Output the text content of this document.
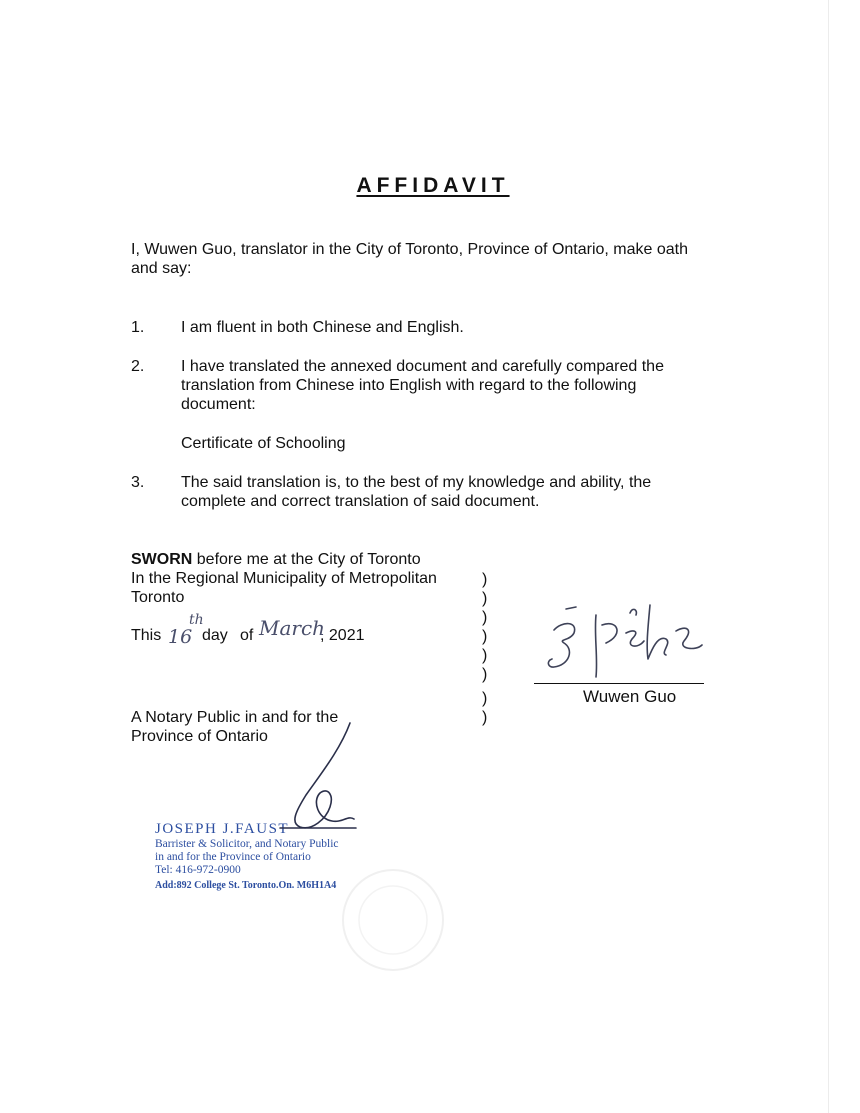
AFFIDAVIT
I, Wuwen Guo, translator in the City of Toronto, Province of Ontario, make oath
and say:
1.	I am fluent in both Chinese and English.
2.	I have translated the annexed document and carefully compared the
translation from Chinese into English with regard to the following
document:
Certificate of Schooling
3.	The said translation is, to the best of my knowledge and ability, the
complete and correct translation of said document.
SWORN before me at the City of Toronto
In the Regional Municipality of Metropolitan
Toronto
This 16
th
day of March
, 2021
A Notary Public in and for the
Province of Ontario
)
)
)
)
)
)
)
)
Wuwen Guo
JOSEPH J.FAUST
Barrister & Solicitor, and Notary Public
in and for the Province of Ontario
Tel: 416-972-0900
Add:892 College St. Toronto.On. M6H1A4
